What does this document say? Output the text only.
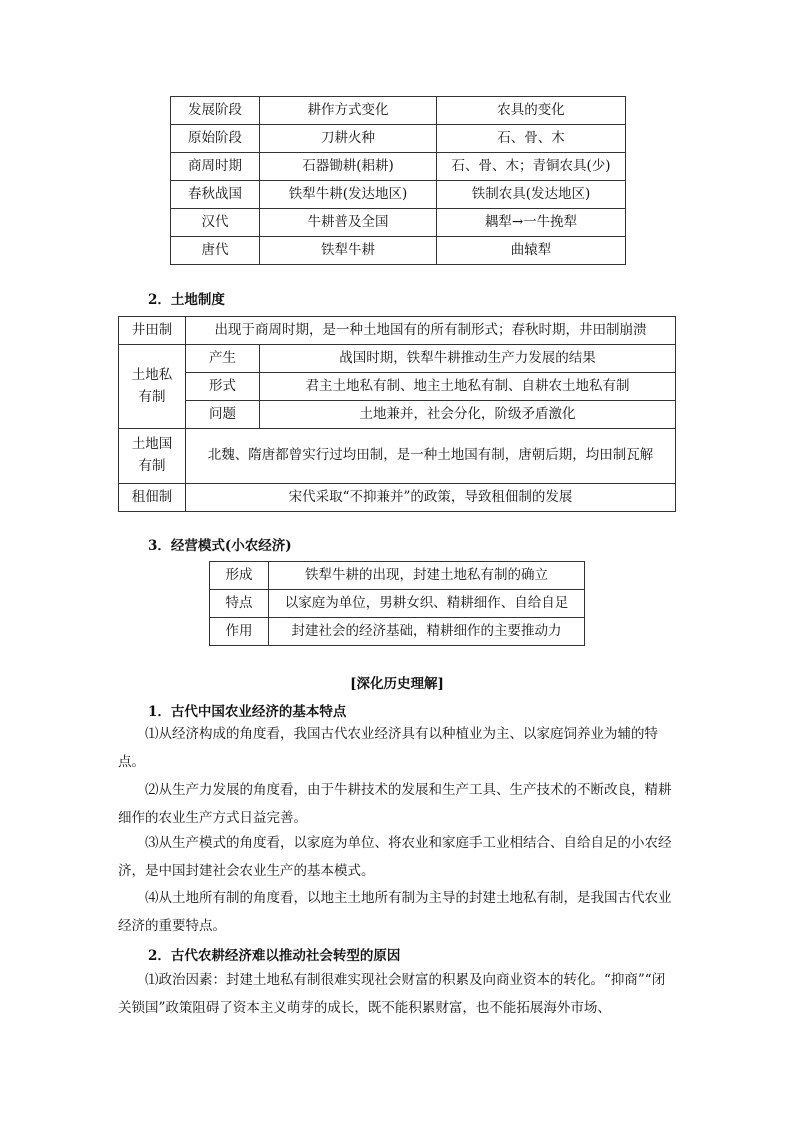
发展阶段	耕作方式变化	农具的变化
原始阶段	刀耕火种	石、骨、木
商周时期	石器锄耕(耜耕)	石、骨、木；青铜农具(少)
春秋战国	铁犁牛耕(发达地区)	铁制农具(发达地区)
汉代	牛耕普及全国	耦犁→一牛挽犁
唐代	铁犁牛耕	曲辕犁

2．土地制度

井田制	出现于商周时期，是一种土地国有的所有制形式；春秋时期，井田制崩溃	
土地私有制	产生	战国时期，铁犁牛耕推动生产力发展的结果
	形式	君主土地私有制、地主土地私有制、自耕农土地私有制
	问题	土地兼并，社会分化，阶级矛盾激化
土地国有制	北魏、隋唐都曾实行过均田制，是一种土地国有制，唐朝后期，均田制瓦解	
租佃制	宋代采取“不抑兼并”的政策，导致租佃制的发展	

3．经营模式(小农经济)

形成	铁犁牛耕的出现，封建土地私有制的确立
特点	以家庭为单位，男耕女织、精耕细作、自给自足
作用	封建社会的经济基础，精耕细作的主要推动力

[深化历史理解]

1．古代中国农业经济的基本特点

⑴从经济构成的角度看，我国古代农业经济具有以种植业为主、以家庭饲养业为辅的特点。

⑵从生产力发展的角度看，由于牛耕技术的发展和生产工具、生产技术的不断改良，精耕细作的农业生产方式日益完善。

⑶从生产模式的角度看，以家庭为单位、将农业和家庭手工业相结合、自给自足的小农经济，是中国封建社会农业生产的基本模式。

⑷从土地所有制的角度看，以地主土地所有制为主导的封建土地私有制，是我国古代农业经济的重要特点。

2．古代农耕经济难以推动社会转型的原因

⑴政治因素：封建土地私有制很难实现社会财富的积累及向商业资本的转化。“抑商”“闭关锁国”政策阻碍了资本主义萌芽的成长，既不能积累财富，也不能拓展海外市场、
